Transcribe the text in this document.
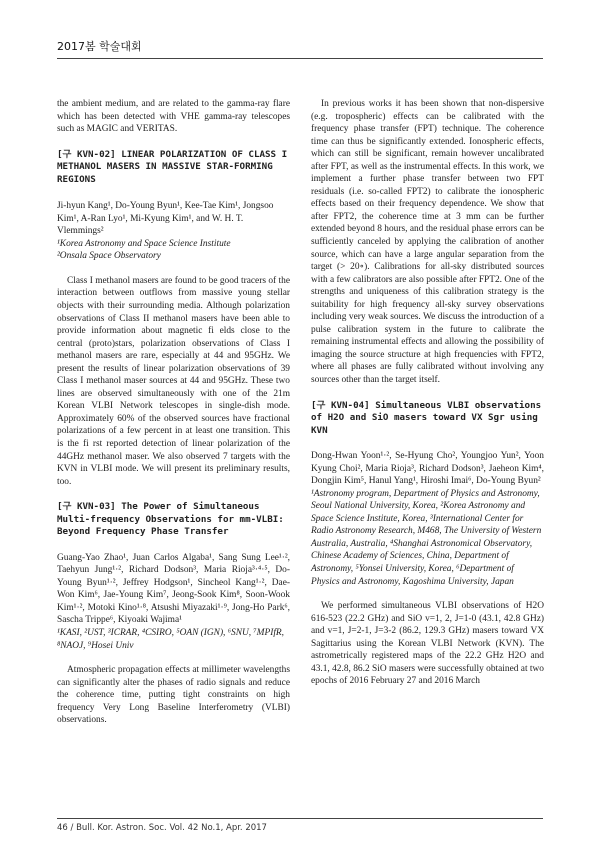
2017봄 학술대회

the ambient medium, and are related to the gamma-ray flare which has been detected with VHE gamma-ray telescopes such as MAGIC and VERITAS.

[구 KVN-02] LINEAR POLARIZATION OF CLASS I METHANOL MASERS IN MASSIVE STAR-FORMING REGIONS

Ji-hyun Kang¹, Do-Young Byun¹, Kee-Tae Kim¹, Jongsoo Kim¹, A-Ran Lyo¹, Mi-Kyung Kim¹, and W. H. T. Vlemmings²

¹Korea Astronomy and Space Science Institute

²Onsala Space Observatory

Class I methanol masers are found to be good tracers of the interaction between outflows from massive young stellar objects with their surrounding media. Although polarization observations of Class II methanol masers have been able to provide information about magnetic fi elds close to the central (proto)stars, polarization observations of Class I methanol masers are rare, especially at 44 and 95GHz. We present the results of linear polarization observations of 39 Class I methanol maser sources at 44 and 95GHz. These two lines are observed simultaneously with one of the 21m Korean VLBI Network telescopes in single-dish mode. Approximately 60% of the observed sources have fractional polarizations of a few percent in at least one transition. This is the fi rst reported detection of linear polarization of the 44GHz methanol maser. We also observed 7 targets with the KVN in VLBI mode. We will present its preliminary results, too.

[구 KVN-03] The Power of Simultaneous Multi-frequency Observations for mm-VLBI:
Beyond Frequency Phase Transfer

Guang-Yao Zhao¹, Juan Carlos Algaba¹, Sang Sung Lee¹·², Taehyun Jung¹·², Richard Dodson³, Maria Rioja³·⁴·⁵, Do-Young Byun¹·², Jeffrey Hodgson¹, Sincheol Kang¹·², Dae-Won Kim⁶, Jae-Young Kim⁷, Jeong-Sook Kim⁸, Soon-Wook Kim¹·², Motoki Kino¹·⁸, Atsushi Miyazaki¹·⁹, Jong-Ho Park⁶, Sascha Trippe⁶, Kiyoaki Wajima¹

¹KASI, ²UST, ³ICRAR, ⁴CSIRO, ⁵OAN (IGN), ⁶SNU, ⁷MPIfR, ⁸NAOJ, ⁹Hosei Univ

Atmospheric propagation effects at millimeter wavelengths can significantly alter the phases of radio signals and reduce the coherence time, putting tight constraints on high frequency Very Long Baseline Interferometry (VLBI) observations.

In previous works it has been shown that non-dispersive (e.g. tropospheric) effects can be calibrated with the frequency phase transfer (FPT) technique. The coherence time can thus be significantly extended. Ionospheric effects, which can still be significant, remain however uncalibrated after FPT, as well as the instrumental effects. In this work, we implement a further phase transfer between two FPT residuals (i.e. so-called FPT2) to calibrate the ionospheric effects based on their frequency dependence. We show that after FPT2, the coherence time at 3 mm can be further extended beyond 8 hours, and the residual phase errors can be sufficiently canceled by applying the calibration of another source, which can have a large angular separation from the target (> 20∘). Calibrations for all-sky distributed sources with a few calibrators are also possible after FPT2. One of the strengths and uniqueness of this calibration strategy is the suitability for high frequency all-sky survey observations including very weak sources. We discuss the introduction of a pulse calibration system in the future to calibrate the remaining instrumental effects and allowing the possibility of imaging the source structure at high frequencies with FPT2, where all phases are fully calibrated without involving any sources other than the target itself.

[구 KVN-04] Simultaneous VLBI observations of H2O and SiO masers toward VX Sgr using KVN

Dong-Hwan Yoon¹·², Se-Hyung Cho², Youngjoo Yun², Yoon Kyung Choi², Maria Rioja³, Richard Dodson³, Jaeheon Kim⁴, Dongjin Kim⁵, Hanul Yang¹, Hiroshi Imai⁶, Do-Young Byun²

¹Astronomy program, Department of Physics and Astronomy, Seoul National University, Korea, ²Korea Astronomy and Space Science Institute, Korea, ³International Center for Radio Astronomy Research, M468, The University of Western Australia, Australia, ⁴Shanghai Astronomical Observatory, Chinese Academy of Sciences, China, Department of Astronomy, ⁵Yonsei University, Korea, ⁶Department of Physics and Astronomy, Kagoshima University, Japan

We performed simultaneous VLBI observations of H2O 616-523 (22.2 GHz) and SiO v=1, 2, J=1-0 (43.1, 42.8 GHz) and v=1, J=2-1, J=3-2 (86.2, 129.3 GHz) masers toward VX Sagittarius using the Korean VLBI Network (KVN). The astrometrically registered maps of the 22.2 GHz H2O and 43.1, 42.8, 86.2 SiO masers were successfully obtained at two epochs of 2016 February 27 and 2016 March

46 / Bull. Kor. Astron. Soc. Vol. 42 No.1, Apr. 2017
